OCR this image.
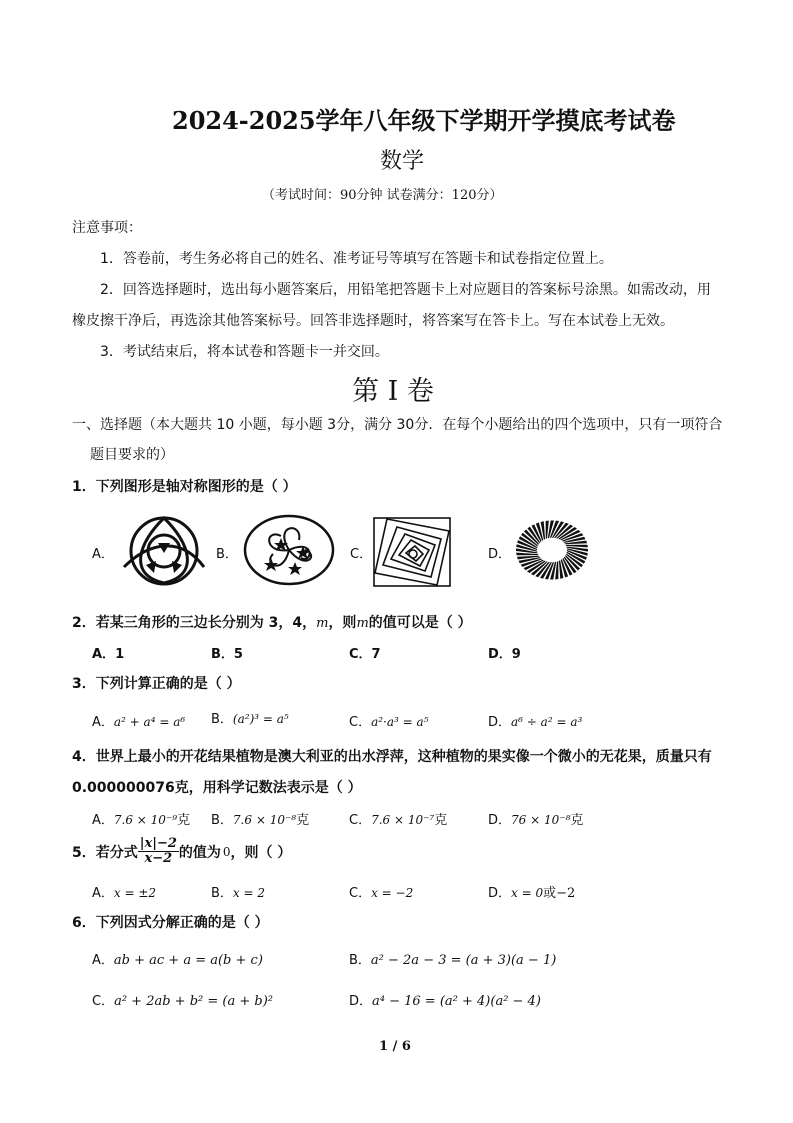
2024-2025学年八年级下学期开学摸底考试卷
数学
（考试时间：90分钟 试卷满分：120分）
注意事项：
1．答卷前，考生务必将自己的姓名、准考证号等填写在答题卡和试卷指定位置上。
2．回答选择题时，选出每小题答案后，用铅笔把答题卡上对应题目的答案标号涂黑。如需改动，用
橡皮擦干净后，再选涂其他答案标号。回答非选择题时，将答案写在答卡上。写在本试卷上无效。
3．考试结束后，将本试卷和答题卡一并交回。
第 I 卷
一、选择题（本大题共 10 小题，每小题 3分，满分 30分．在每个小题给出的四个选项中，只有一项符合
题目要求的）
1．下列图形是轴对称图形的是（ ）
A．	B．	C．	D．
2．若某三角形的三边长分别为 3，4，m，则m的值可以是（ ）
A．1	B．5	C．7	D．9
3．下列计算正确的是（ ）
A．a² + a⁴ = a⁶ B．(a²)³ = a⁵	C．a²·a³ = a⁵	D．a⁶ ÷ a² = a³
4．世界上最小的开花结果植物是澳大利亚的出水浮萍，这种植物的果实像一个微小的无花果，质量只有
0.000000076克，用科学记数法表示是（ ）
A．7.6 × 10⁻⁹克 B．7.6 × 10⁻⁸克	C．7.6 × 10⁻⁷克	D．76 × 10⁻⁸克
5．若分式 $\frac{|x|-2}{x-2}$ 的值为 0 ，则（ ）
A．x = ±2	B．x = 2	C．x = −2	D．x = 0或−2
6．下列因式分解正确的是（ ）
A．ab + ac + a = a(b + c)	B．a² − 2a − 3 = (a + 3)(a − 1)
C．a² + 2ab + b² = (a + b)²	D．a⁴ − 16 = (a² + 4)(a² − 4)
1 / 6
